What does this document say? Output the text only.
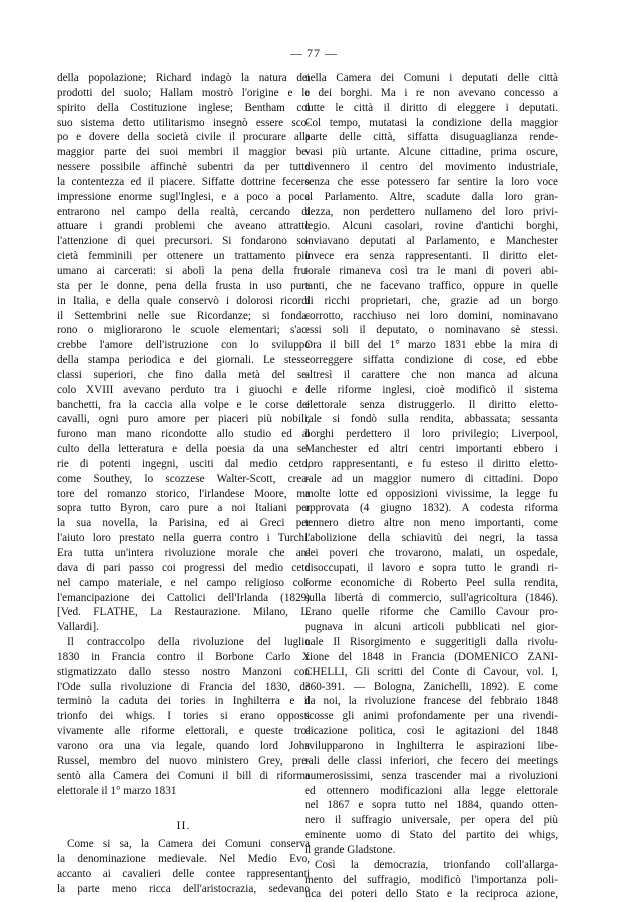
— 77 —
della popolazione; Richard indagò la natura dei
prodotti del suolo; Hallam mostrò l'origine e lo
spirito della Costituzione inglese; Bentham col
suo sistema detto utilitarismo insegnò essere sco-
po e dovere della società civile il procurare alla
maggior parte dei suoi membri il maggior be-
nessere possibile affinchè subentri da per tutto
la contentezza ed il piacere. Siffatte dottrine fecero
impressione enorme sugl'Inglesi, e a poco a poco
entrarono nel campo della realtà, cercando di
attuare i grandi problemi che aveano attratto
l'attenzione di quei precursori. Si fondarono so-
cietà femminili per ottenere un trattamento più
umano ai carcerati: si abolì la pena della fru-
sta per le donne, pena della frusta in uso pure
in Italia, e della quale conservò i dolorosi ricordi
il Settembrini nelle sue Ricordanze; si fonda-
rono o migliorarono le scuole elementari; s'ac-
crebbe l'amore dell'istruzione con lo sviluppo
della stampa periodica e dei giornali. Le stesse
classi superiori, che fino dalla metà del se-
colo XVIII avevano perduto tra i giuochi e i
banchetti, fra la caccia alla volpe e le corse dei
cavalli, ogni puro amore per piaceri più nobili,
furono man mano ricondotte allo studio ed al
culto della letteratura e della poesia da una se-
rie di potenti ingegni, usciti dal medio ceto,
come Southey, lo scozzese Walter-Scott, crea-
tore del romanzo storico, l'irlandese Moore, ma
sopra tutto Byron, caro pure a noi Italiani per
la sua novella, la Parisina, ed ai Greci per
l'aiuto loro prestato nella guerra contro i Turchi.
Era tutta un'intera rivoluzione morale che an-
dava di pari passo coi progressi del medio ceto
nel campo materiale, e nel campo religioso col-
l'emancipazione dei Cattolici dell'Irlanda (1829)
[Ved. FLATHE, La Restaurazione. Milano, L.
Vallardi].
Il contraccolpo della rivoluzione del luglio
1830 in Francia contro il Borbone Carlo X
stigmatizzato dallo stesso nostro Manzoni con
l'Ode sulla rivoluzione di Francia del 1830, de
terminò la caduta dei tories in Inghilterra e il
trionfo dei whigs. I tories si erano opposti
vivamente alle riforme elettorali, e queste tro-
varono ora una via legale, quando lord John
Russel, membro del nuovo ministero Grey, pre-
sentò alla Camera dei Comuni il bill di riforma
elettorale il 1° marzo 1831
II.
Come si sa, la Camera dei Comuni conserva
la denominazione medievale. Nel Medio Evo,
accanto ai cavalieri delle contee rappresentanti
la parte meno ricca dell'aristocrazia, sedevano
nella Camera dei Comuni i deputati delle città
e dei borghi. Ma i re non avevano concesso a
tutte le città il diritto di eleggere i deputati.
Col tempo, mutatasi la condizione della maggior
parte delle città, siffatta disuguaglianza rende-
vasi più urtante. Alcune cittadine, prima oscure,
divennero il centro del movimento industriale,
senza che esse potessero far sentire la loro voce
al Parlamento. Altre, scadute dalla loro gran-
dezza, non perdettero nullameno del loro privi-
legio. Alcuni casolari, rovine d'antichi borghi,
inviavano deputati al Parlamento, e Manchester
invece era senza rappresentanti. Il diritto elet-
torale rimaneva così tra le mani di poveri abi-
tanti, che ne facevano traffico, oppure in quelle
di ricchi proprietari, che, grazie ad un borgo
corrotto, racchiuso nei loro domini, nominavano
essi soli il deputato, o nominavano sè stessi.
Ora il bill del 1° marzo 1831 ebbe la mira di
correggere siffatta condizione di cose, ed ebbe
altresì il carattere che non manca ad alcuna
delle riforme inglesi, cioè modificò il sistema
elettorale senza distruggerlo. Il diritto eletto-
rale si fondò sulla rendita, abbassata; sessanta
borghi perdettero il loro privilegio; Liverpool,
Manchester ed altri centri importanti ebbero i
loro rappresentanti, e fu esteso il diritto eletto-
rale ad un maggior numero di cittadini. Dopo
molte lotte ed opposizioni vivissime, la legge fu
approvata (4 giugno 1832). A codesta riforma
tennero dietro altre non meno importanti, come
l'abolizione della schiavitù dei negri, la tassa
dei poveri che trovarono, malati, un ospedale,
disoccupati, il lavoro e sopra tutto le grandi ri-
forme economiche di Roberto Peel sulla rendita,
sulla libertà di commercio, sull'agricoltura (1846).
Erano quelle riforme che Camillo Cavour pro-
pugnava in alcuni articoli pubblicati nel gior-
nale Il Risorgimento e suggeritigli dalla rivolu-
zione del 1848 in Francia (DOMENICO ZANI-
CHELLI, Gli scritti del Conte di Cavour, vol. I,
360-391. — Bologna, Zanichelli, 1892). E come
da noi, la rivoluzione francese del febbraio 1848
scosse gli animi profondamente per una rivendi-
dicazione politica, così le agitazioni del 1848
svilupparono in Inghilterra le aspirazioni libe-
rali delle classi inferiori, che fecero dei meetings
numerosissimi, senza trascender mai a rivoluzioni
ed ottennero modificazioni alla legge elettorale
nel 1867 e sopra tutto nel 1884, quando otten-
nero il suffragio universale, per opera del più
eminente uomo di Stato del partito dei whigs,
il grande Gladstone.
Così la democrazia, trionfando coll'allarga-
mento del suffragio, modificò l'importanza poli-
tica dei poteri dello Stato e la reciproca azione,
